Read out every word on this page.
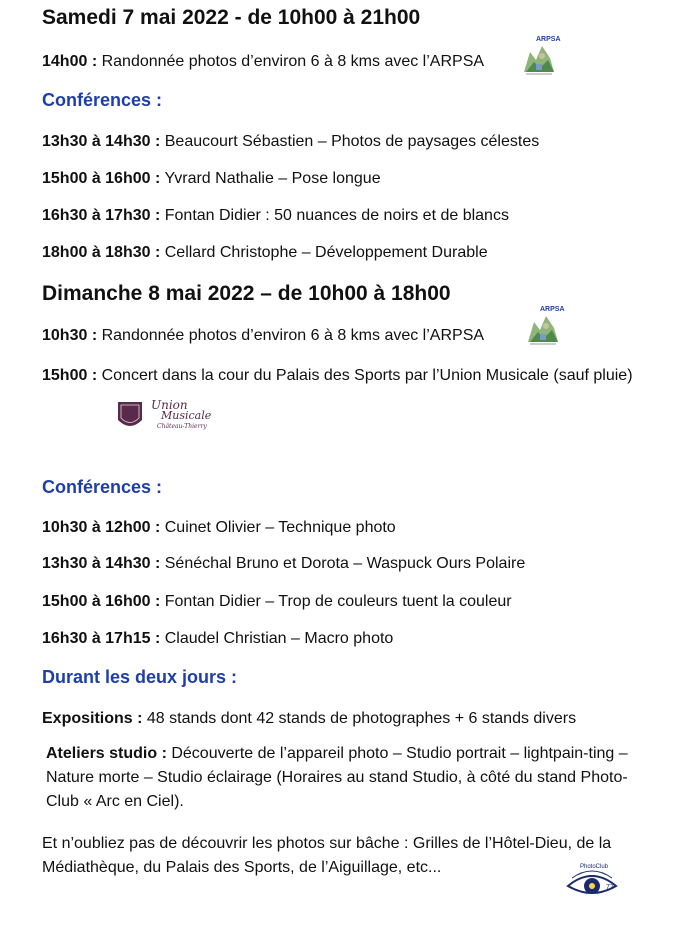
Samedi 7 mai 2022 - de 10h00 à 21h00
14h00 : Randonnée photos d’environ 6 à 8 kms avec l’ARPSA
ARPSA
Conférences :
13h30 à 14h30 : Beaucourt Sébastien – Photos de paysages célestes
15h00 à 16h00 : Yvrard Nathalie – Pose longue
16h30 à 17h30 : Fontan Didier : 50 nuances de noirs et de blancs
18h00 à 18h30 : Cellard Christophe – Développement Durable
Dimanche 8 mai 2022 – de 10h00 à 18h00
10h30 : Randonnée photos d’environ 6 à 8 kms avec l’ARPSA
ARPSA
15h00 : Concert dans la cour du Palais des Sports par l’Union Musicale (sauf pluie)
Union
Musicale
Château-Thierry
Conférences :
10h30 à 12h00 : Cuinet Olivier – Technique photo
13h30 à 14h30 : Sénéchal Bruno et Dorota – Waspuck Ours Polaire
15h00 à 16h00 : Fontan Didier – Trop de couleurs tuent la couleur
16h30 à 17h15 : Claudel Christian – Macro photo
Durant les deux jours :
Expositions : 48 stands dont 42 stands de photographes + 6 stands divers
Ateliers studio : Découverte de l’appareil photo – Studio portrait – lightpain-ting – Nature morte – Studio éclairage (Horaires au stand Studio, à côté du stand Photo-Club « Arc en Ciel).
Et n’oubliez pas de découvrir les photos sur bâche : Grilles de l’Hôtel-Dieu, de la Médiathèque, du Palais des Sports, de l’Aiguillage, etc...	PhotoClub
77
